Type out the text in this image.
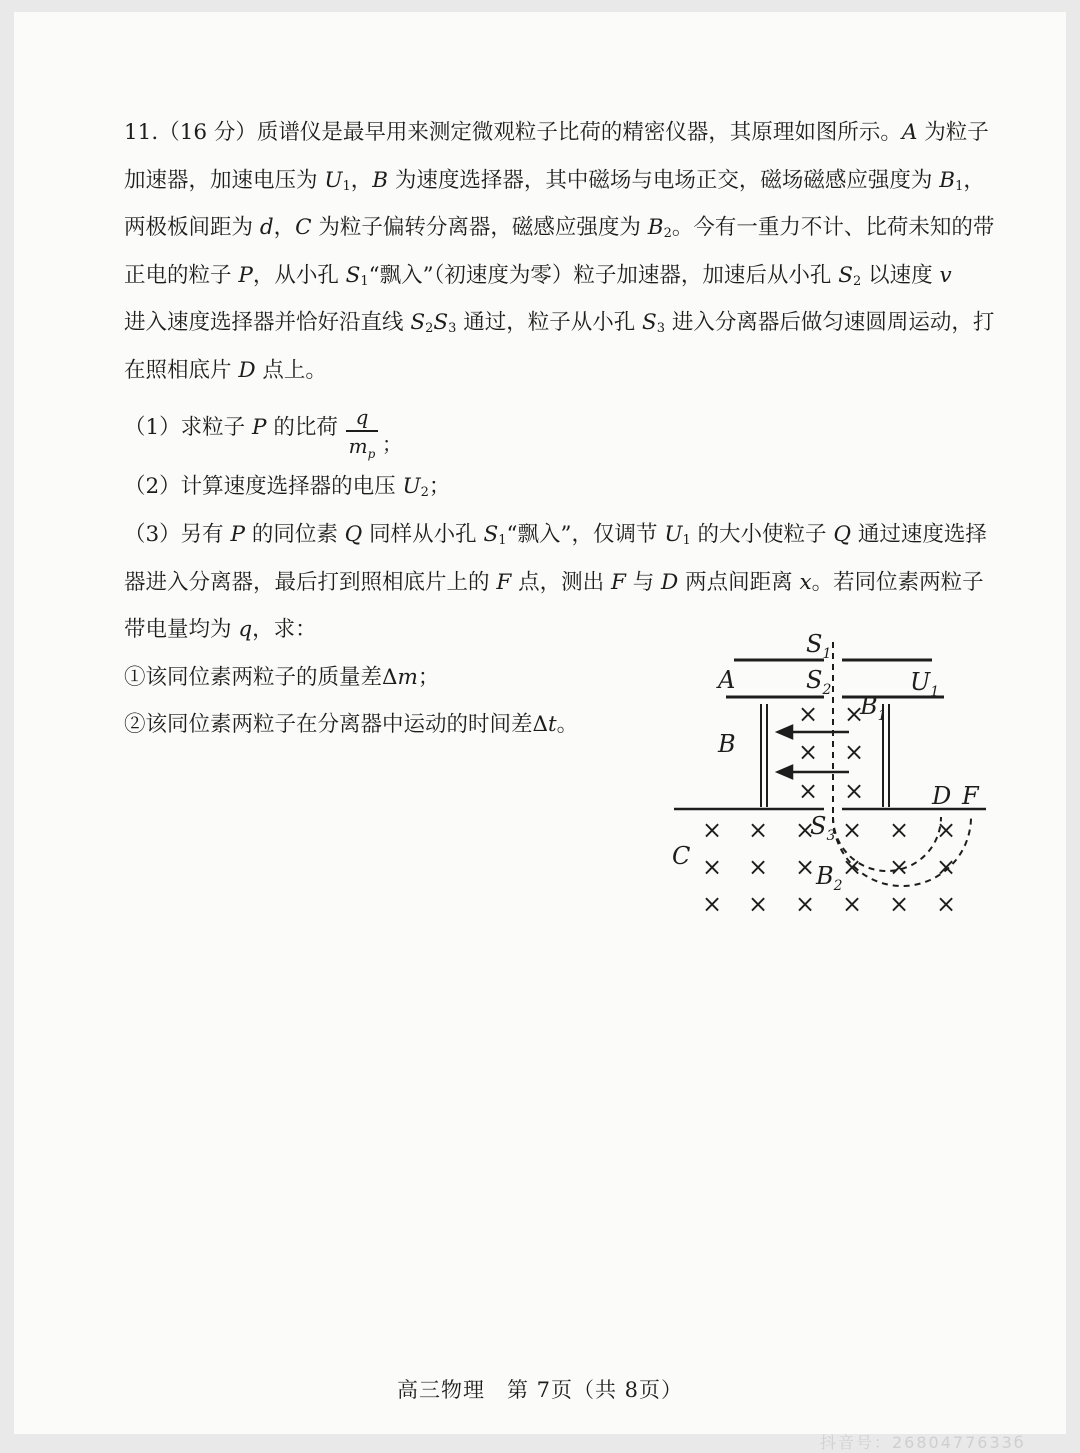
11.（16 分）质谱仪是最早用来测定微观粒子比荷的精密仪器，其原理如图所示。A 为粒子
加速器，加速电压为 $U_1$，B 为速度选择器，其中磁场与电场正交，磁场磁感应强度为 $B_1$，
两极板间距为 d，C 为粒子偏转分离器，磁感应强度为 $B_2$。今有一重力不计、比荷未知的带
正电的粒子 P，从小孔 $S_1“$飘入”（初速度为零）粒子加速器，加速后从小孔 $S_2$ 以速度 v
进入速度选择器并恰好沿直线 $S_2S_3$ 通过，粒子从小孔 $S_3$ 进入分离器后做匀速圆周运动，打
在照相底片 D 点上。
（1）求粒子 P 的比荷
（2）计算速度选择器的电压 $U_2$；
（3）另有 P 的同位素 Q 同样从小孔 $S_1“$飘入”，仅调节 $U_1$ 的大小使粒子 Q 通过速度选择
器进入分离器，最后打到照相底片上的 F 点，测出 F 与 D 两点间距离 x。若同位素两粒子
带电量均为 q，求：
①该同位素两粒子的质量差Δm；
②该同位素两粒子在分离器中运动的时间差Δt。
q
$m_p$ ；
× ×
× ×
× ×
× × × × × ×
× × × × × ×
× × × × × ×
$S_1$
$S_2$
A	$U_1$
$B_1$
B
$S_3$
C
$B_2$
D F
高三物理　第 7页（共 8页）
抖音号：2680477633б
